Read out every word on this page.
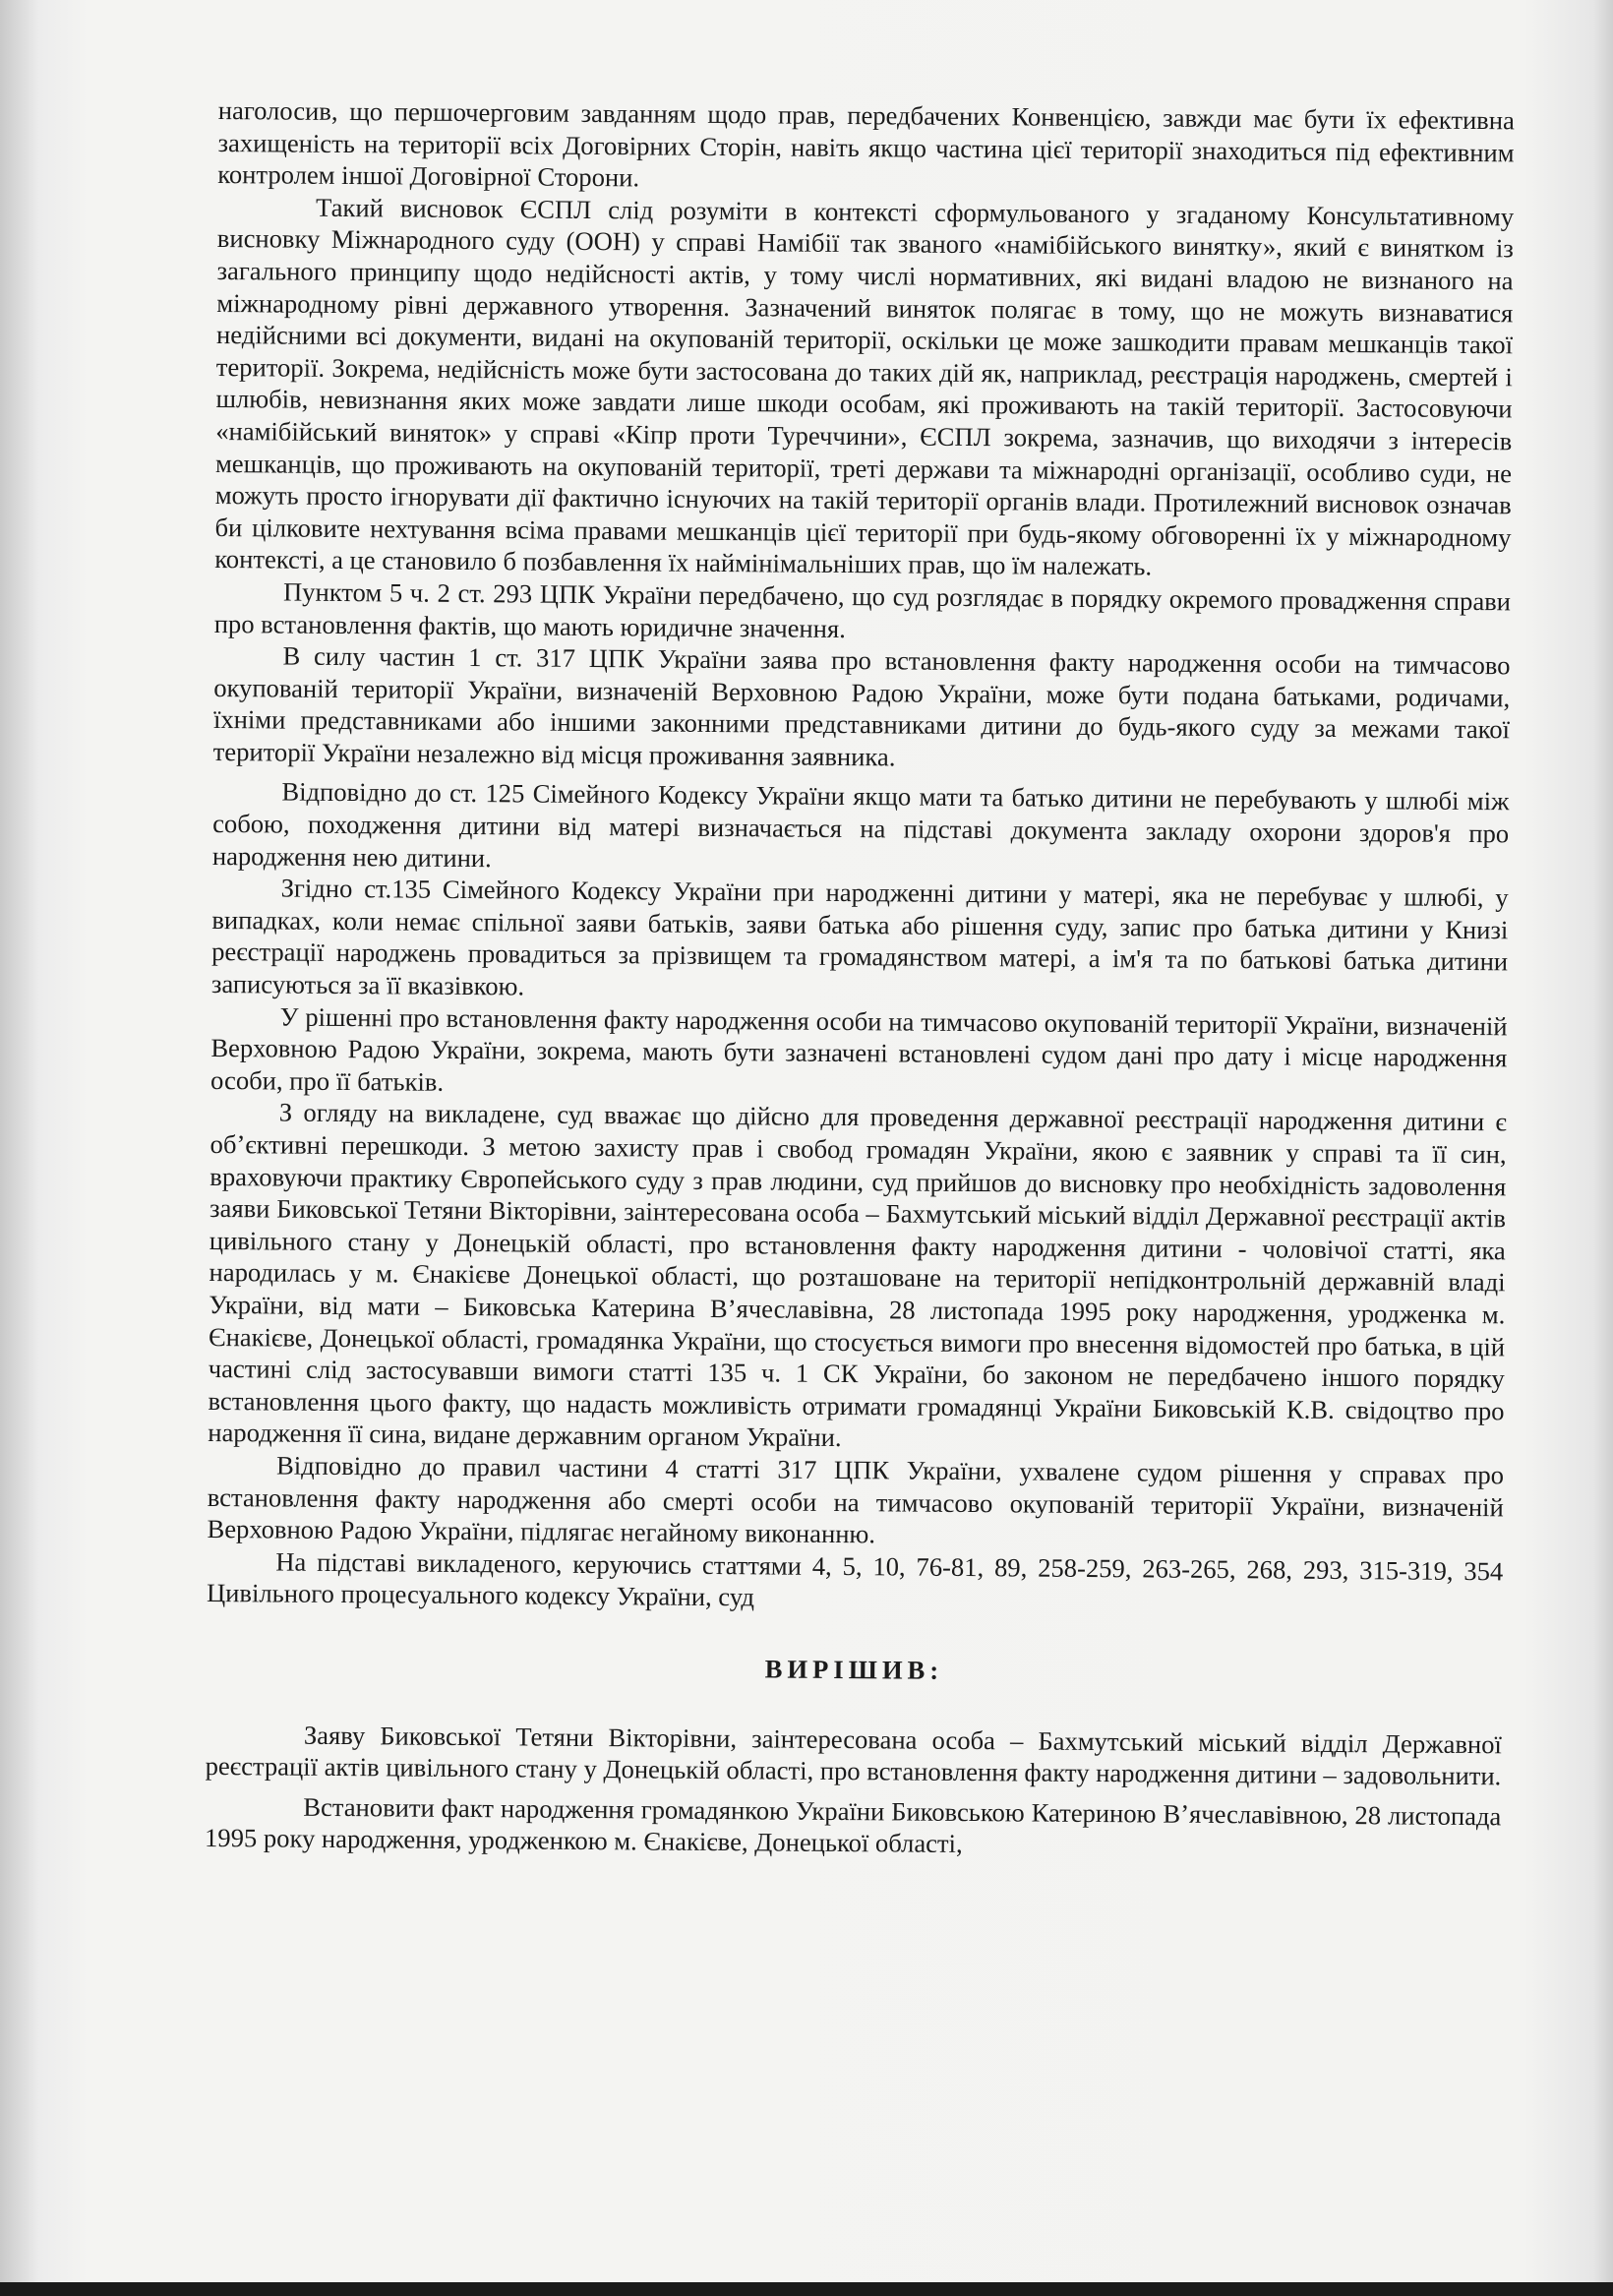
наголосив, що першочерговим завданням щодо прав, передбачених Конвенцією, завжди має бути їх ефективна захищеність на території всіх Договірних Сторін, навіть якщо частина цієї території знаходиться під ефективним контролем іншої Договірної Сторони.

Такий висновок ЄСПЛ слід розуміти в контексті сформульованого у згаданому Консультативному висновку Міжнародного суду (ООН) у справі Намібії так званого «намібійського винятку», який є винятком із загального принципу щодо недійсності актів, у тому числі нормативних, які видані владою не визнаного на міжнародному рівні державного утворення. Зазначений виняток полягає в тому, що не можуть визнаватися недійсними всі документи, видані на окупованій території, оскільки це може зашкодити правам мешканців такої території. Зокрема, недійсність може бути застосована до таких дій як, наприклад, реєстрація народжень, смертей і шлюбів, невизнання яких може завдати лише шкоди особам, які проживають на такій території. Застосовуючи «намібійський виняток» у справі «Кіпр проти Туреччини», ЄСПЛ зокрема, зазначив, що виходячи з інтересів мешканців, що проживають на окупованій території, треті держави та міжнародні організації, особливо суди, не можуть просто ігнорувати дії фактично існуючих на такій території органів влади. Протилежний висновок означав би цілковите нехтування всіма правами мешканців цієї території при будь-якому обговоренні їх у міжнародному контексті, а це становило б позбавлення їх наймінімальніших прав, що їм належать.

Пунктом 5 ч. 2 ст. 293 ЦПК України передбачено, що суд розглядає в порядку окремого провадження справи про встановлення фактів, що мають юридичне значення.

В силу частин 1 ст. 317 ЦПК України заява про встановлення факту народження особи на тимчасово окупованій території України, визначеній Верховною Радою України, може бути подана батьками, родичами, їхніми представниками або іншими законними представниками дитини до будь-якого суду за межами такої території України незалежно від місця проживання заявника.

Відповідно до ст. 125 Сімейного Кодексу України якщо мати та батько дитини не перебувають у шлюбі між собою, походження дитини від матері визначається на підставі документа закладу охорони здоров'я про народження нею дитини.

Згідно ст.135 Сімейного Кодексу України при народженні дитини у матері, яка не перебуває у шлюбі, у випадках, коли немає спільної заяви батьків, заяви батька або рішення суду, запис про батька дитини у Книзі реєстрації народжень провадиться за прізвищем та громадянством матері, а ім'я та по батькові батька дитини записуються за її вказівкою.

У рішенні про встановлення факту народження особи на тимчасово окупованій території України, визначеній Верховною Радою України, зокрема, мають бути зазначені встановлені судом дані про дату і місце народження особи, про її батьків.

З огляду на викладене, суд вважає що дійсно для проведення державної реєстрації народження дитини є об’єктивні перешкоди. З метою захисту прав і свобод громадян України, якою є заявник у справі та її син, враховуючи практику Європейського суду з прав людини, суд прийшов до висновку про необхідність задоволення заяви Биковської Тетяни Вікторівни, заінтересована особа – Бахмутський міський відділ Державної реєстрації актів цивільного стану у Донецькій області, про встановлення факту народження дитини - чоловічої статті, яка народилась у м. Єнакієве Донецької області, що розташоване на території непідконтрольній державній владі України, від мати – Биковська Катерина В’ячеславівна, 28 листопада 1995 року народження, уродженка м. Єнакієве, Донецької області, громадянка України, що стосується вимоги про внесення відомостей про батька, в цій частині слід застосувавши вимоги статті 135 ч. 1 СК України, бо законом не передбачено іншого порядку встановлення цього факту, що надасть можливість отримати громадянці України Биковській К.В. свідоцтво про народження її сина, видане державним органом України.

Відповідно до правил частини 4 статті 317 ЦПК України, ухвалене судом рішення у справах про встановлення факту народження або смерті особи на тимчасово окупованій території України, визначеній Верховною Радою України, підлягає негайному виконанню.

На підставі викладеного, керуючись статтями 4, 5, 10, 76-81, 89, 258-259, 263-265, 268, 293, 315-319, 354 Цивільного процесуального кодексу України, суд

ВИРІШИВ:

Заяву Биковської Тетяни Вікторівни, заінтересована особа – Бахмутський міський відділ Державної реєстрації актів цивільного стану у Донецькій області, про встановлення факту народження дитини – задовольнити.

Встановити факт народження громадянкою України Биковською Катериною В’ячеславівною, 28 листопада 1995 року народження, уродженкою м. Єнакієве, Донецької області,
